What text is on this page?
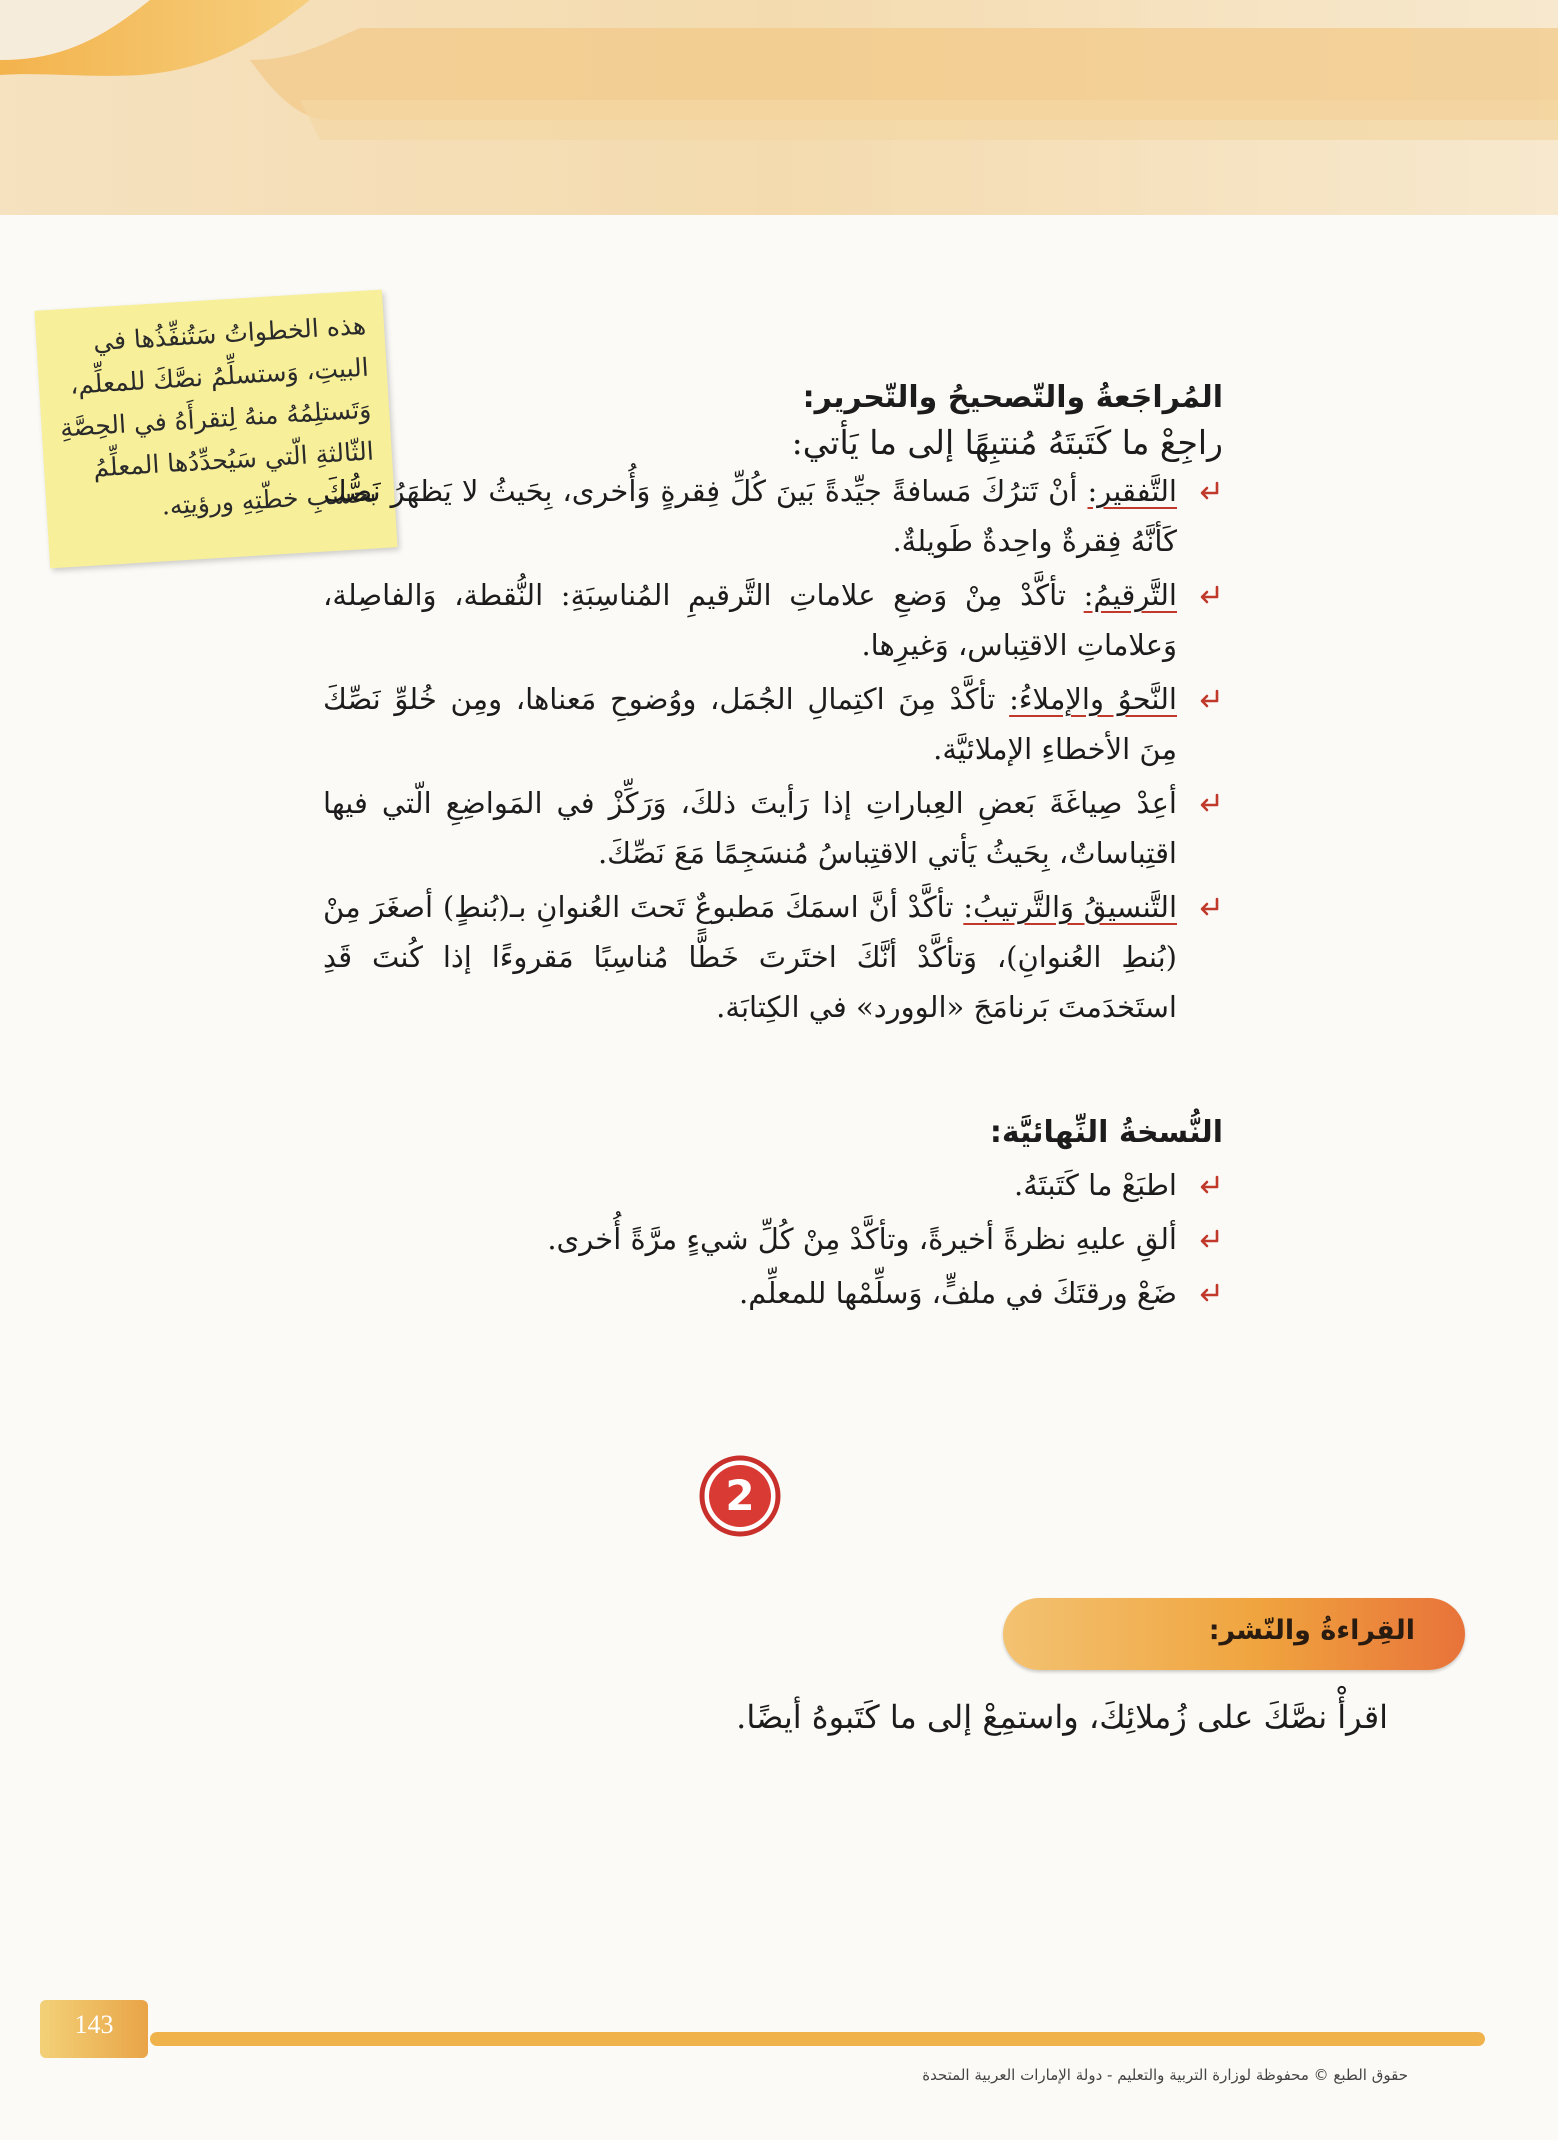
هذه الخطواتُ سَتُنفِّذُها في

البيتِ، وَستسلِّمُ نصَّكَ للمعلِّم،

وَتَستلِمُهُ منهُ لِتقرأَهُ في الحِصَّةِ

الثّالثةِ الّتي سَيُحدِّدُها المعلِّمُ

بحسبِ خطّتِهِ ورؤيتِه.

المُراجَعةُ والتّصحيحُ والتّحرير:

راجِعْ ما كَتَبتَهُ مُنتبِهًا إلى ما يَأتي:

التَّفقير: أنْ تَترُكَ مَسافةً جيِّدةً بَينَ كُلِّ فِقرةٍ وَأُخرى، بِحَيثُ لا يَظهَرُ نَصُّكَ كَأنَّهُ فِقرةٌ واحِدةٌ طَويلةٌ.
التَّرقيمُ: تأكَّدْ مِنْ وَضعِ علاماتِ التَّرقيمِ المُناسِبَةِ: النُّقطة، وَالفاصِلة، وَعلاماتِ الاقتِباس، وَغيرِها.
النَّحوُ والإملاءُ: تأكَّدْ مِنَ اكتِمالِ الجُمَل، ووُضوحِ مَعناها، ومِن خُلوِّ نَصِّكَ مِنَ الأخطاءِ الإملائيَّة.
أعِدْ صِياغَةَ بَعضِ العِباراتِ إذا رَأيتَ ذلكَ، وَرَكِّزْ في المَواضِعِ الّتي فيها اقتِباساتٌ، بِحَيثُ يَأتي الاقتِباسُ مُنسَجِمًا مَعَ نَصِّكَ.
التَّنسيقُ وَالتَّرتيبُ: تأكَّدْ أنَّ اسمَكَ مَطبوعٌ تَحتَ العُنوانِ بـ(بُنطٍ) أصغَرَ مِنْ (بُنطِ العُنوانِ)، وَتأكَّدْ أنَّكَ اختَرتَ خَطًّا مُناسِبًا مَقروءًا إذا كُنتَ قَدِ استَخدَمتَ بَرنامَجَ «الوورد» في الكِتابَة.
النُّسخةُ النِّهائيَّة:
اطبَعْ ما كَتَبتَهُ.
ألقِ عليهِ نظرةً أخيرةً، وتأكَّدْ مِنْ كُلِّ شيءٍ مرَّةً أُخرى.
ضَعْ ورقتَكَ في ملفٍّ، وَسلِّمْها للمعلِّم.
2
القِراءةُ والنّشر:

اقرأْ نصَّكَ على زُملائِكَ، واستمِعْ إلى ما كَتَبوهُ أيضًا.

143
حقوق الطبع © محفوظة لوزارة التربية والتعليم - دولة الإمارات العربية المتحدة
